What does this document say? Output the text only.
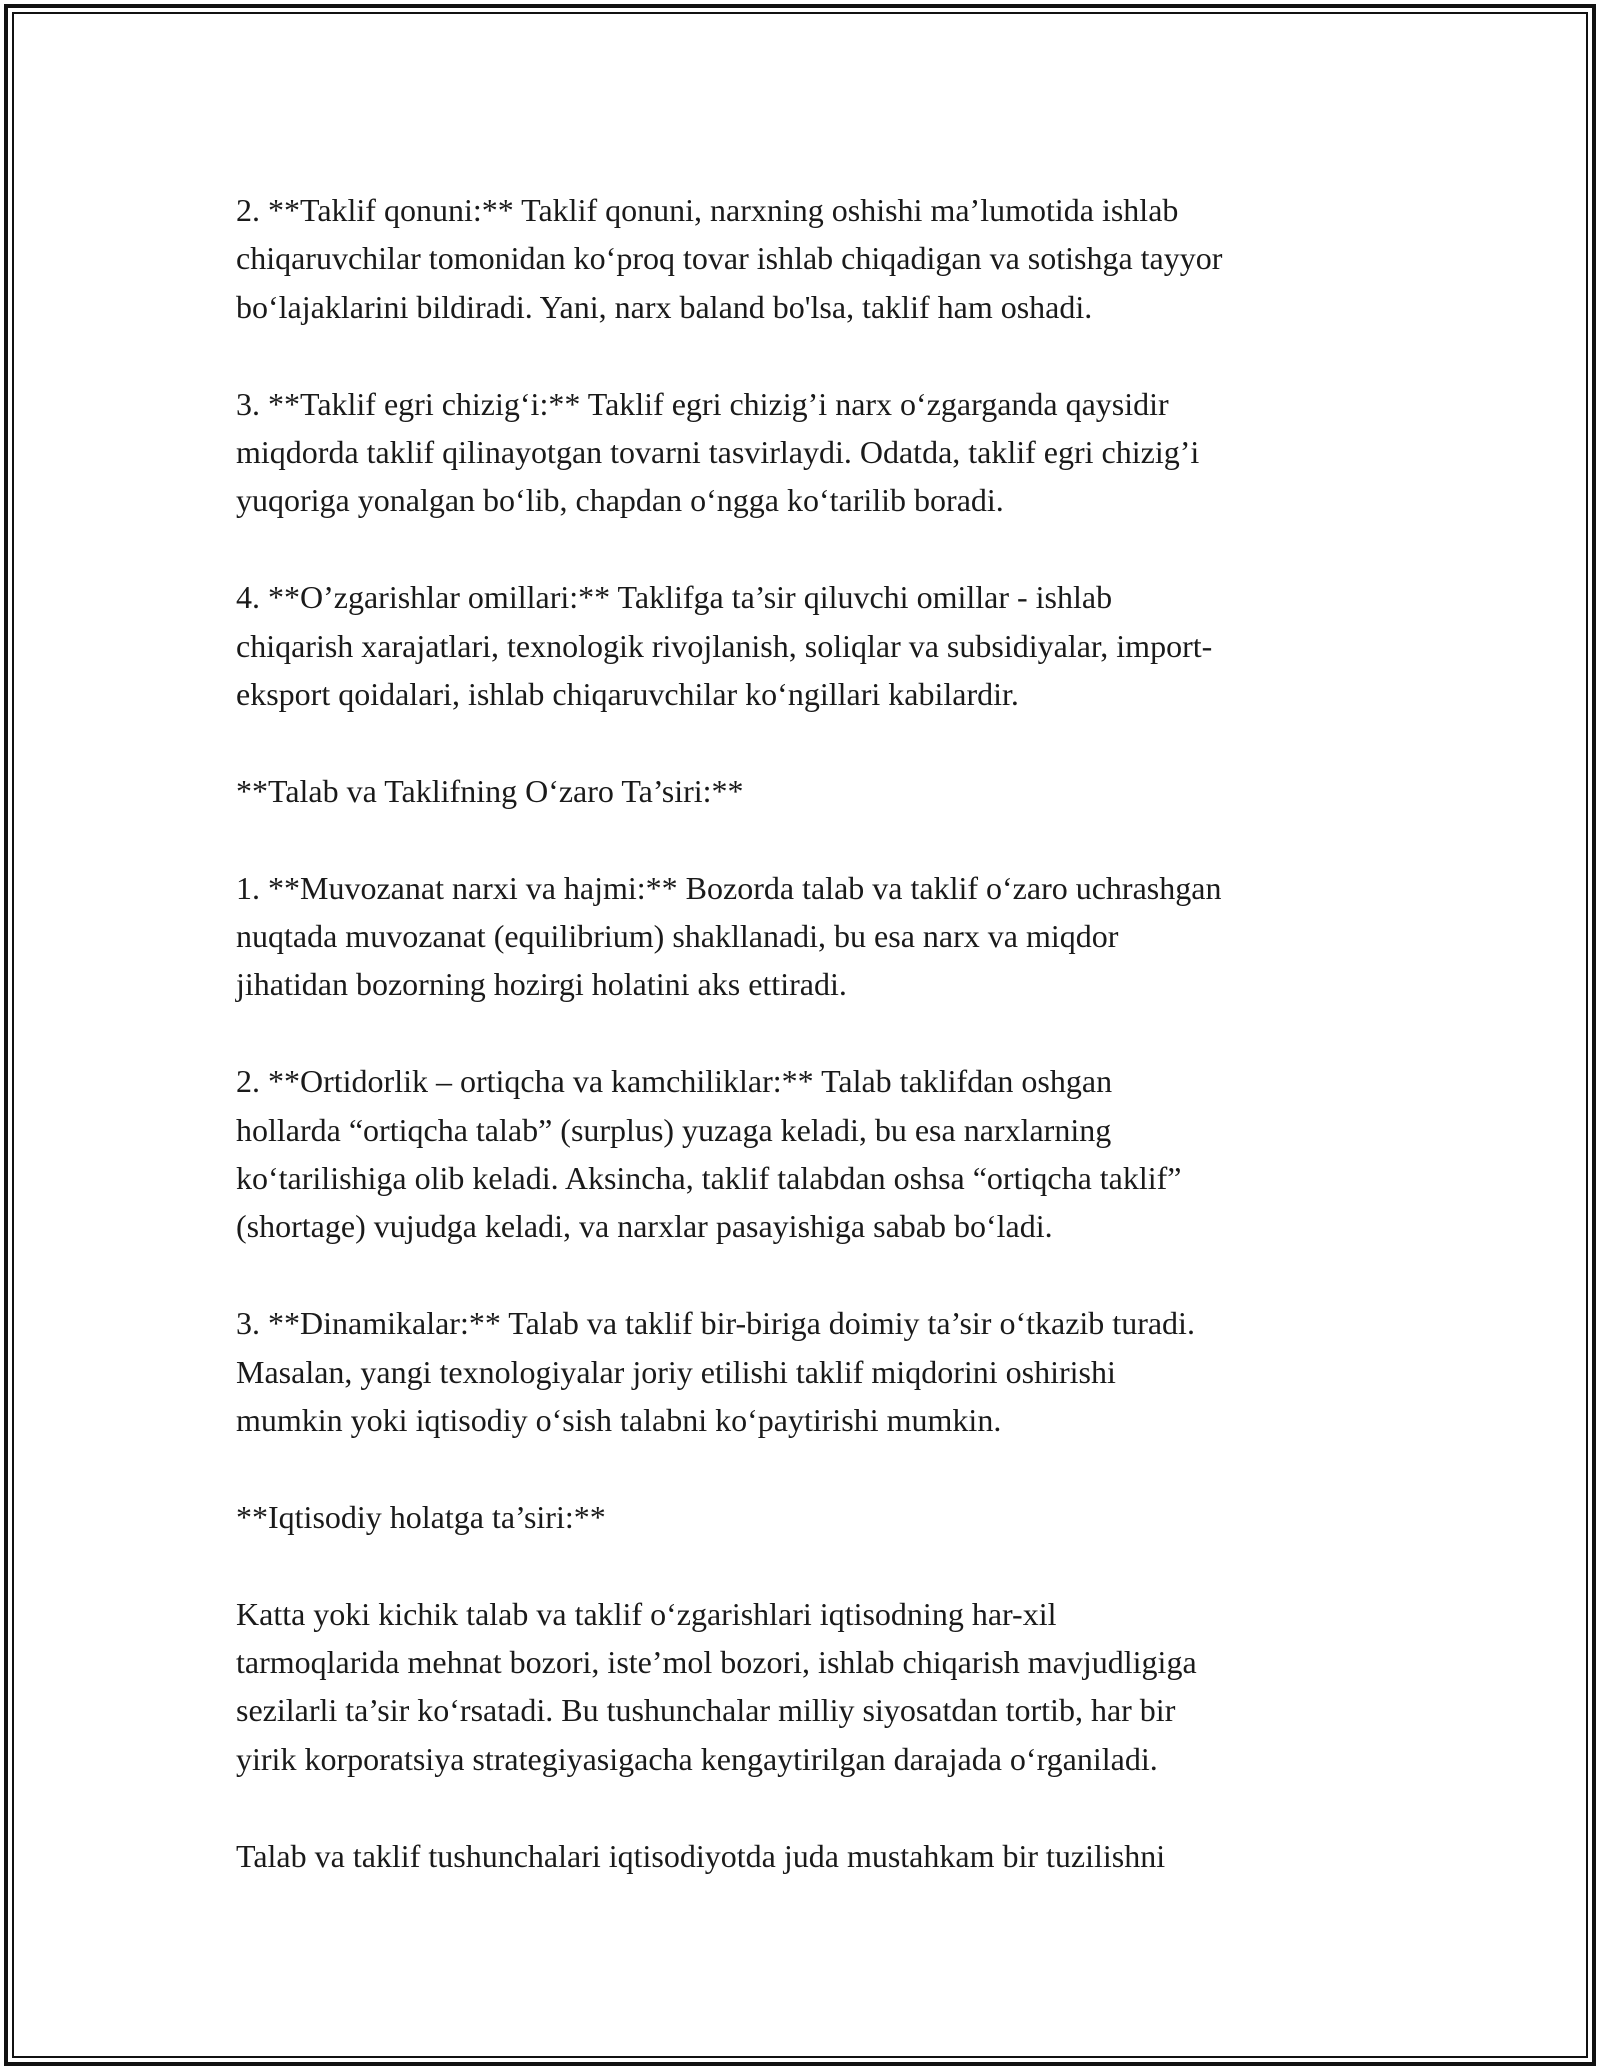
2. **Taklif qonuni:** Taklif qonuni, narxning oshishi ma’lumotida ishlab
chiqaruvchilar tomonidan ko‘proq tovar ishlab chiqadigan va sotishga tayyor
bo‘lajaklarini bildiradi. Yani, narx baland bo'lsa, taklif ham oshadi.

3. **Taklif egri chizig‘i:** Taklif egri chizig’i narx o‘zgarganda qaysidir
miqdorda taklif qilinayotgan tovarni tasvirlaydi. Odatda, taklif egri chizig’i
yuqoriga yonalgan bo‘lib, chapdan o‘ngga ko‘tarilib boradi.

4. **O’zgarishlar omillari:** Taklifga ta’sir qiluvchi omillar - ishlab
chiqarish xarajatlari, texnologik rivojlanish, soliqlar va subsidiyalar, import-
eksport qoidalari, ishlab chiqaruvchilar ko‘ngillari kabilardir.

**Talab va Taklifning O‘zaro Ta’siri:**

1. **Muvozanat narxi va hajmi:** Bozorda talab va taklif o‘zaro uchrashgan
nuqtada muvozanat (equilibrium) shakllanadi, bu esa narx va miqdor
jihatidan bozorning hozirgi holatini aks ettiradi.

2. **Ortidorlik – ortiqcha va kamchiliklar:** Talab taklifdan oshgan
hollarda “ortiqcha talab” (surplus) yuzaga keladi, bu esa narxlarning
ko‘tarilishiga olib keladi. Aksincha, taklif talabdan oshsa “ortiqcha taklif”
(shortage) vujudga keladi, va narxlar pasayishiga sabab bo‘ladi.

3. **Dinamikalar:** Talab va taklif bir-biriga doimiy ta’sir o‘tkazib turadi.
Masalan, yangi texnologiyalar joriy etilishi taklif miqdorini oshirishi
mumkin yoki iqtisodiy o‘sish talabni ko‘paytirishi mumkin.

**Iqtisodiy holatga ta’siri:**

Katta yoki kichik talab va taklif o‘zgarishlari iqtisodning har-xil
tarmoqlarida mehnat bozori, iste’mol bozori, ishlab chiqarish mavjudligiga
sezilarli ta’sir ko‘rsatadi. Bu tushunchalar milliy siyosatdan tortib, har bir
yirik korporatsiya strategiyasigacha kengaytirilgan darajada o‘rganiladi.

Talab va taklif tushunchalari iqtisodiyotda juda mustahkam bir tuzilishni
